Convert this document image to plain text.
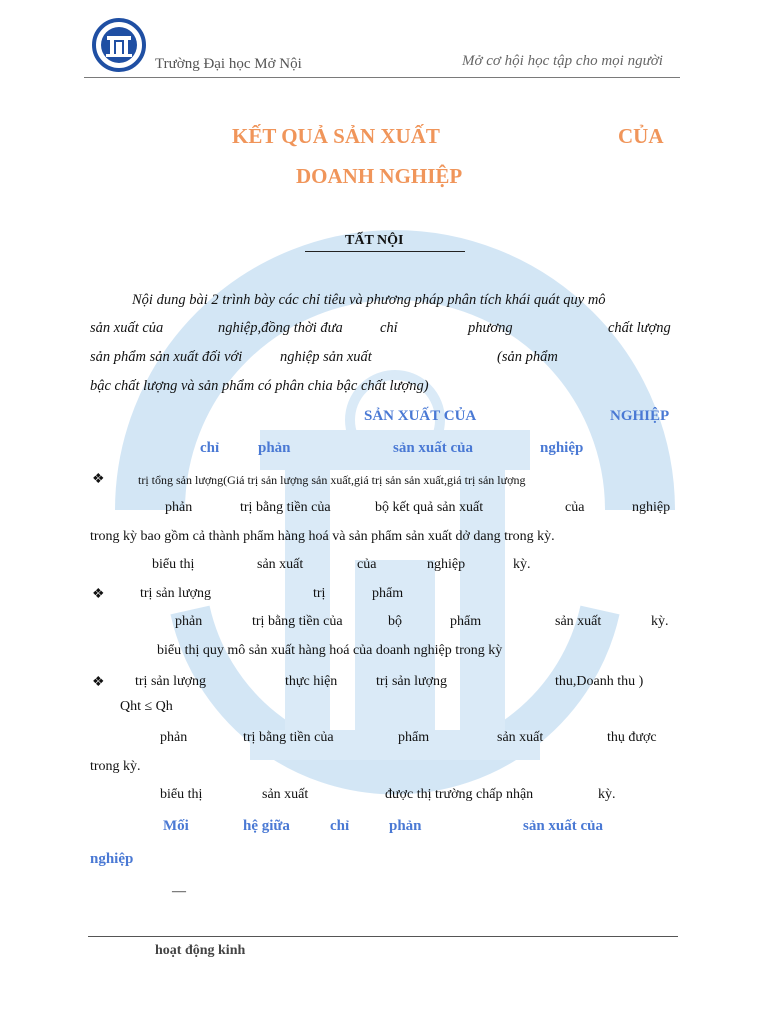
Trường Đại học Mở Nội	Mở cơ hội học tập cho mọi người
KẾT QUẢ SẢN XUẤT	CỦA
DOANH NGHIỆP
TẤT NỘI
Nội dung bài 2 trình bày các chỉ tiêu và phương pháp phân tích khái quát quy mô
sản xuất của	nghiệp,đồng thời đưa	chỉ	phương	chất lượng
sản phẩm sản xuất đối với	nghiệp sản xuất	(sản phẩm
bậc chất lượng và sản phẩm có phân chia bậc chất lượng)
SẢN XUẤT CỦA	NGHIỆP
chỉ	phản	sản xuất của	nghiệp
❖	trị tổng sản lượng(Giá trị sản lượng sản xuất,giá trị sản sản xuất,giá trị sản lượng
phản	trị bằng tiền của	bộ kết quả sản xuất	của	nghiệp
trong kỳ bao gồm cả thành phẩm hàng hoá và sản phẩm sản xuất dở dang trong kỳ.
biểu thị	sản xuất	của	nghiệp	kỳ.
❖	trị sản lượng	trị	phẩm
phản	trị bằng tiền của	bộ	phẩm	sản xuất	kỳ.
biểu thị quy mô sản xuất hàng hoá của doanh nghiệp trong kỳ
❖ trị sản lượng	thực hiện	trị sản lượng	thu,Doanh thu )
Qht ≤ Qh
phản	trị bằng tiền của	phẩm	sản xuất	thụ được
trong kỳ.
biểu thị	sản xuất	được thị trường chấp nhận	kỳ.
Mối	hệ giữa	chỉ	phản	sản xuất của
nghiệp
—
hoạt động kinh
